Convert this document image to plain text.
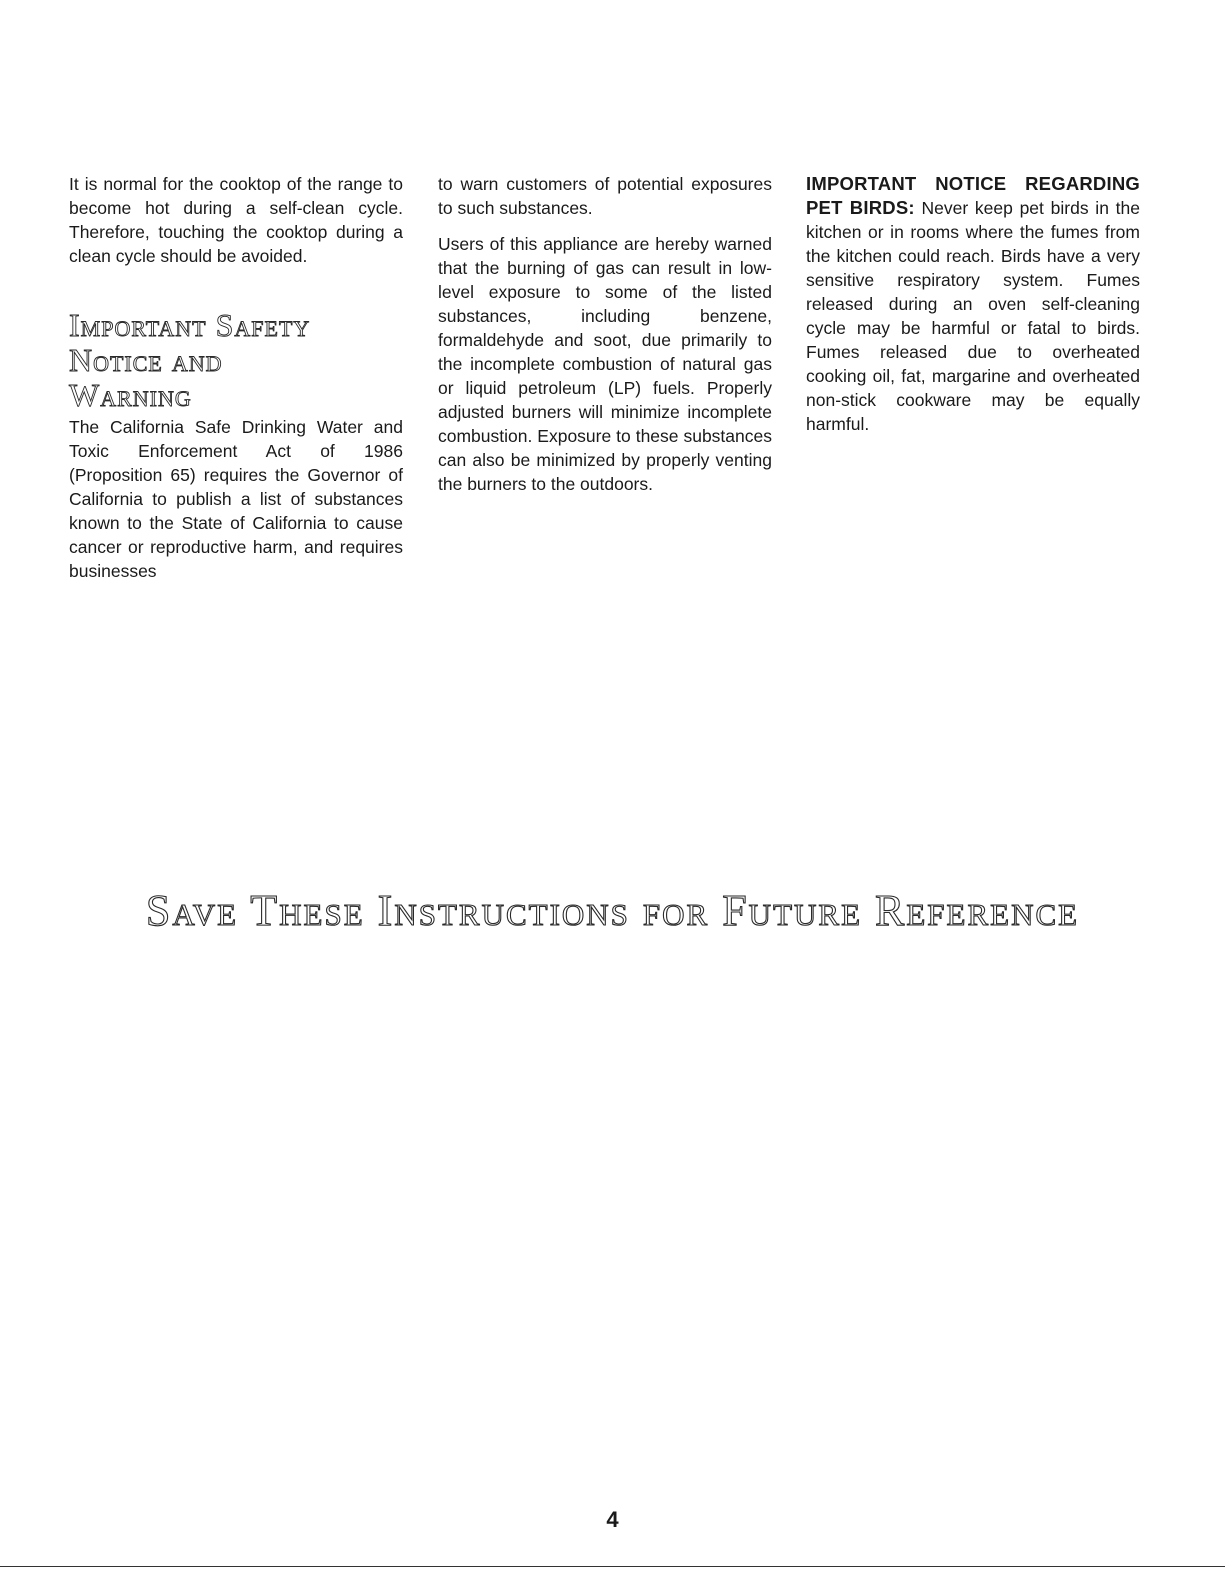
It is normal for the cooktop of the range to become hot during a self-clean cycle. Therefore, touching the cooktop during a clean cycle should be avoided.

Important Safety
Notice and
Warning

The California Safe Drinking Water and Toxic Enforcement Act of 1986 (Proposition 65) requires the Governor of California to publish a list of substances known to the State of California to cause cancer or reproductive harm, and requires businesses

to warn customers of potential exposures to such substances.

Users of this appliance are hereby warned that the burning of gas can result in low-level exposure to some of the listed substances, including benzene, formaldehyde and soot, due primarily to the incomplete combustion of natural gas or liquid petroleum (LP) fuels. Properly adjusted burners will minimize incomplete combustion. Exposure to these substances can also be minimized by properly venting the burners to the outdoors.

IMPORTANT NOTICE REGARDING PET BIRDS: Never keep pet birds in the kitchen or in rooms where the fumes from the kitchen could reach. Birds have a very sensitive respiratory system. Fumes released during an oven self-cleaning cycle may be harmful or fatal to birds. Fumes released due to overheated cooking oil, fat, margarine and overheated non-stick cookware may be equally harmful.

Save These Instructions for Future Reference
4
